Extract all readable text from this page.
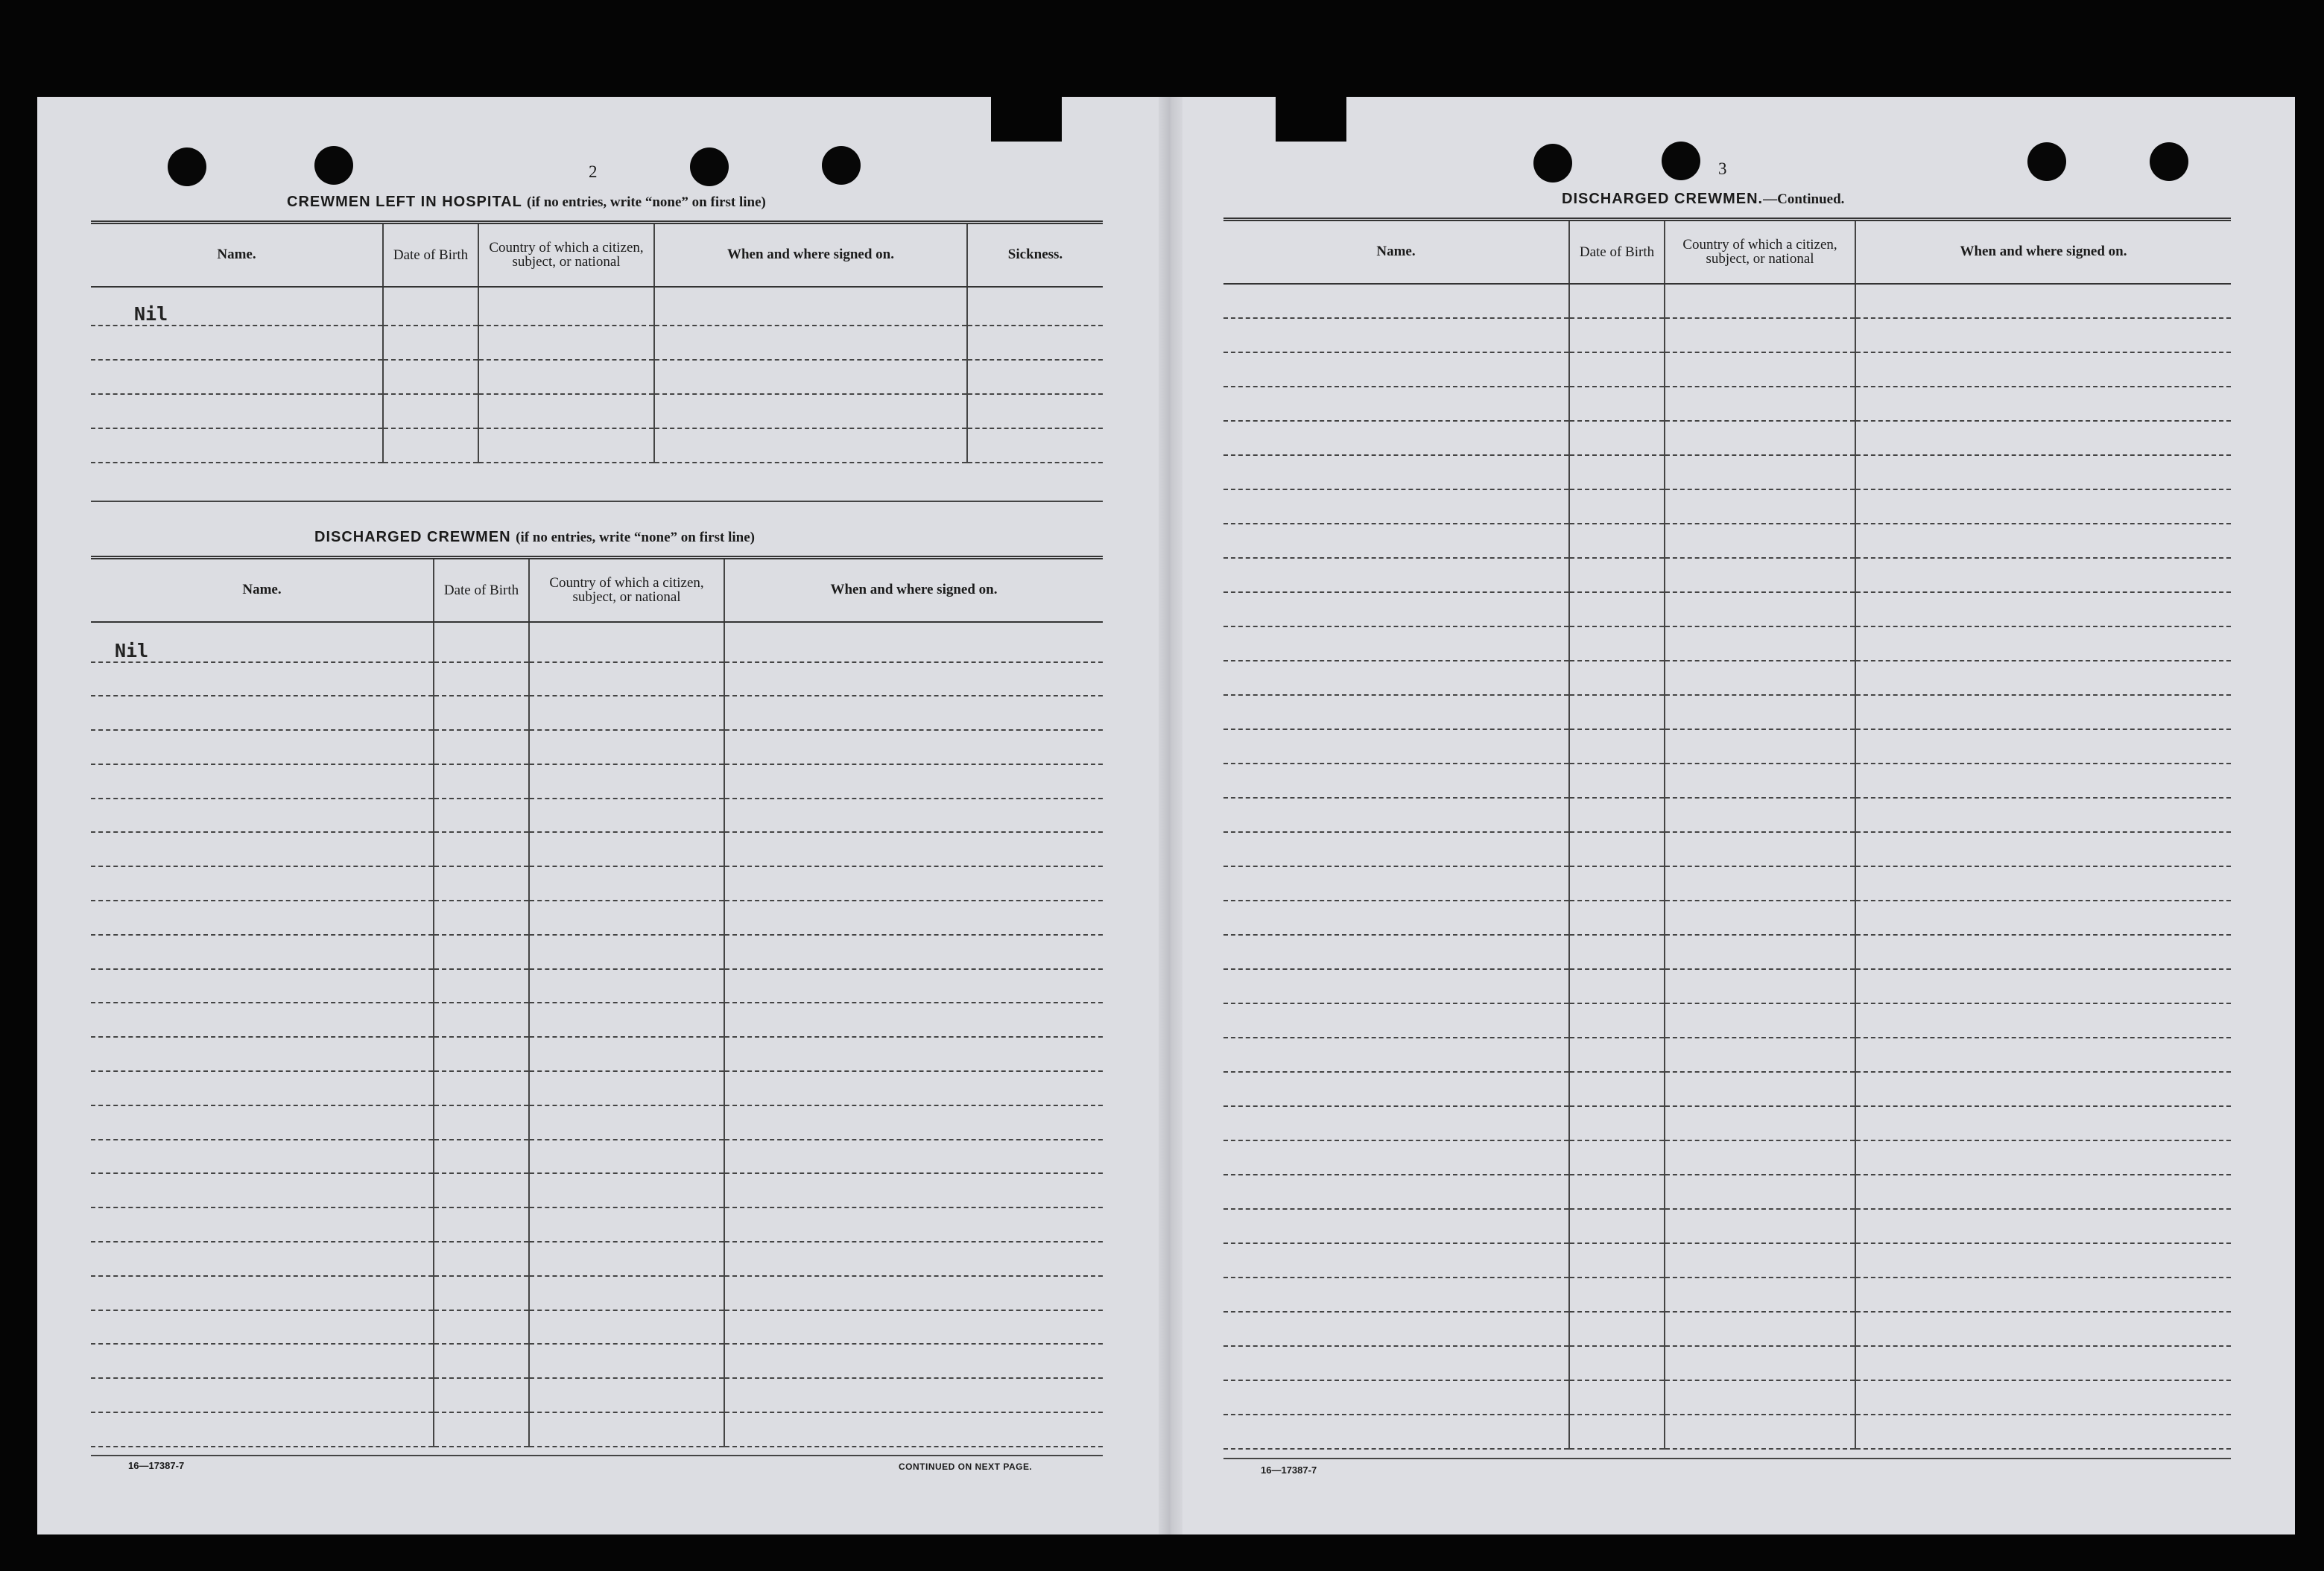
2	3
CREWMEN LEFT IN HOSPITAL (if no entries, write “none” on first line)
Name.	Date of Birth	Country of which a citizen, subject, or national	When and where signed on.	Sickness.
Nil				

DISCHARGED CREWMEN (if no entries, write “none” on first line)
Name.	Date of Birth	Country of which a citizen, subject, or national	When and where signed on.
Nil			

16—17387-7	CONTINUED ON NEXT PAGE.
DISCHARGED CREWMEN.—Continued.
Name.	Date of Birth	Country of which a citizen, subject, or national	When and where signed on.

16—17387-7
